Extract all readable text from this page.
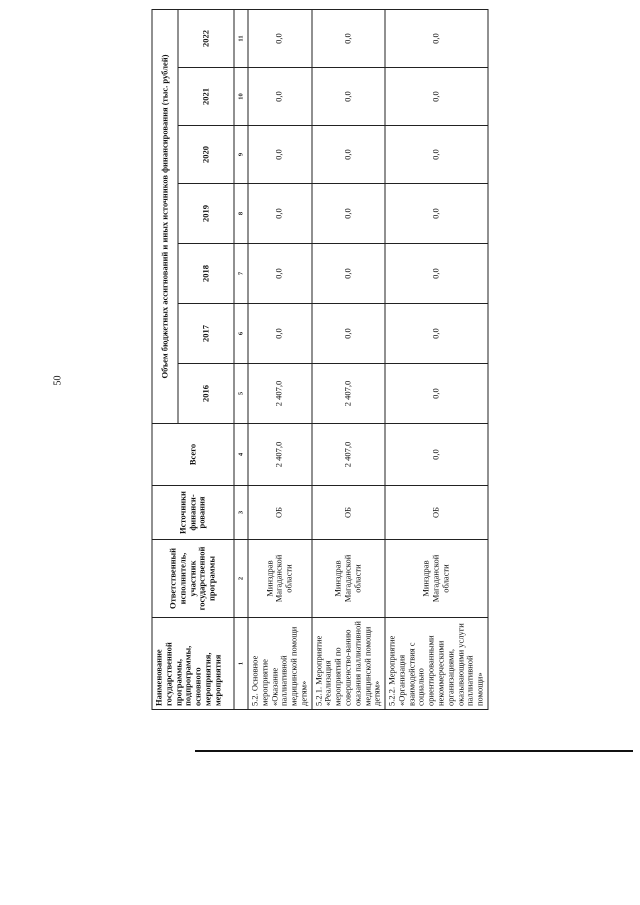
50
Наименование государственной программы, подпрограммы, основного мероприятия, мероприятия	Ответственный исполнитель, участник государственной программы	Источники финанси-рования	Всего	Объем бюджетных ассигнований и иных источников финансирования (тыс. рублей)						
				2016	2017	2018	2019	2020	2021	2022
1	2	3	4	5	6	7	8	9	10	11
5.2. Основное мероприятие «Оказание паллиативной медицинской помощи детям»	Минздрав Магаданской области	ОБ	2 407,0	2 407,0	0,0	0,0	0,0	0,0	0,0	0,0
5.2.1. Мероприятие «Реализация мероприятий по совершенство-ванию оказания паллиативной медицинской помощи детям»	Минздрав Магаданской области	ОБ	2 407,0	2 407,0	0,0	0,0	0,0	0,0	0,0	0,0
5.2.2. Мероприятие «Организация взаимодействия с социально ориентированными некоммерческими организациями, оказывающими услуги паллиативной помощи»	Минздрав Магаданской области	ОБ	0,0	0,0	0,0	0,0	0,0	0,0	0,0	0,0
